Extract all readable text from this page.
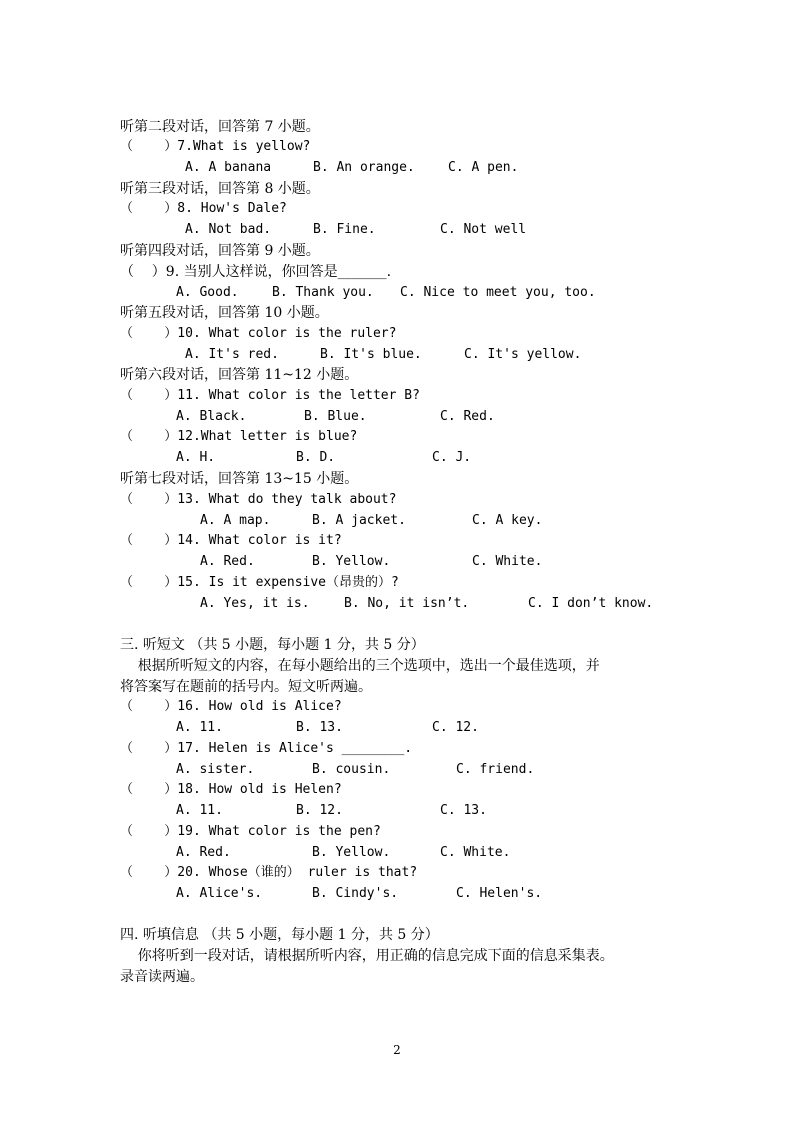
听第二段对话，回答第 7 小题。
（    ）7.What is yellow?
A. A banana	B. An orange.	C. A pen.
听第三段对话，回答第 8 小题。
（    ）8. How's Dale?
A. Not bad.	B. Fine.	C. Not well
听第四段对话，回答第 9 小题。
（    ）9. 当别人这样说，你回答是_______.
A. Good.	B. Thank you. C. Nice to meet you, too.
听第五段对话，回答第 10 小题。
（    ）10. What color is the ruler?
A. It's red.	B. It's blue.	C. It's yellow.
听第六段对话，回答第 11~12 小题。
（    ）11. What color is the letter B?
A. Black.	B. Blue.	C. Red.
（    ）12.What letter is blue?
A. H.	B. D.	C. J.
听第七段对话，回答第 13~15 小题。
（    ）13. What do they talk about?
A. A map.	B. A jacket.	C. A key.
（    ）14. What color is it?
A. Red.	B. Yellow.	C. White.
（    ）15. Is it expensive（昂贵的）?
A. Yes, it is.	B. No, it isn’t.	C. I don’t know.
三. 听短文 （共 5 小题，每小题 1 分，共 5 分）
根据所听短文的内容，在每小题给出的三个选项中，选出一个最佳选项，并
将答案写在题前的括号内。短文听两遍。
（    ）16. How old is Alice?
A. 11.	B. 13.	C. 12.
（    ）17. Helen is Alice's ________.
A. sister.	B. cousin.	C. friend.
（    ）18. How old is Helen?
A. 11.	B. 12.	C. 13.
（    ）19. What color is the pen?
A. Red.	B. Yellow.	C. White.
（    ）20. Whose（谁的） ruler is that?
A. Alice's.	B. Cindy's.	C. Helen's.
四. 听填信息 （共 5 小题，每小题 1 分，共 5 分）
你将听到一段对话，请根据所听内容，用正确的信息完成下面的信息采集表。
录音读两遍。
2
